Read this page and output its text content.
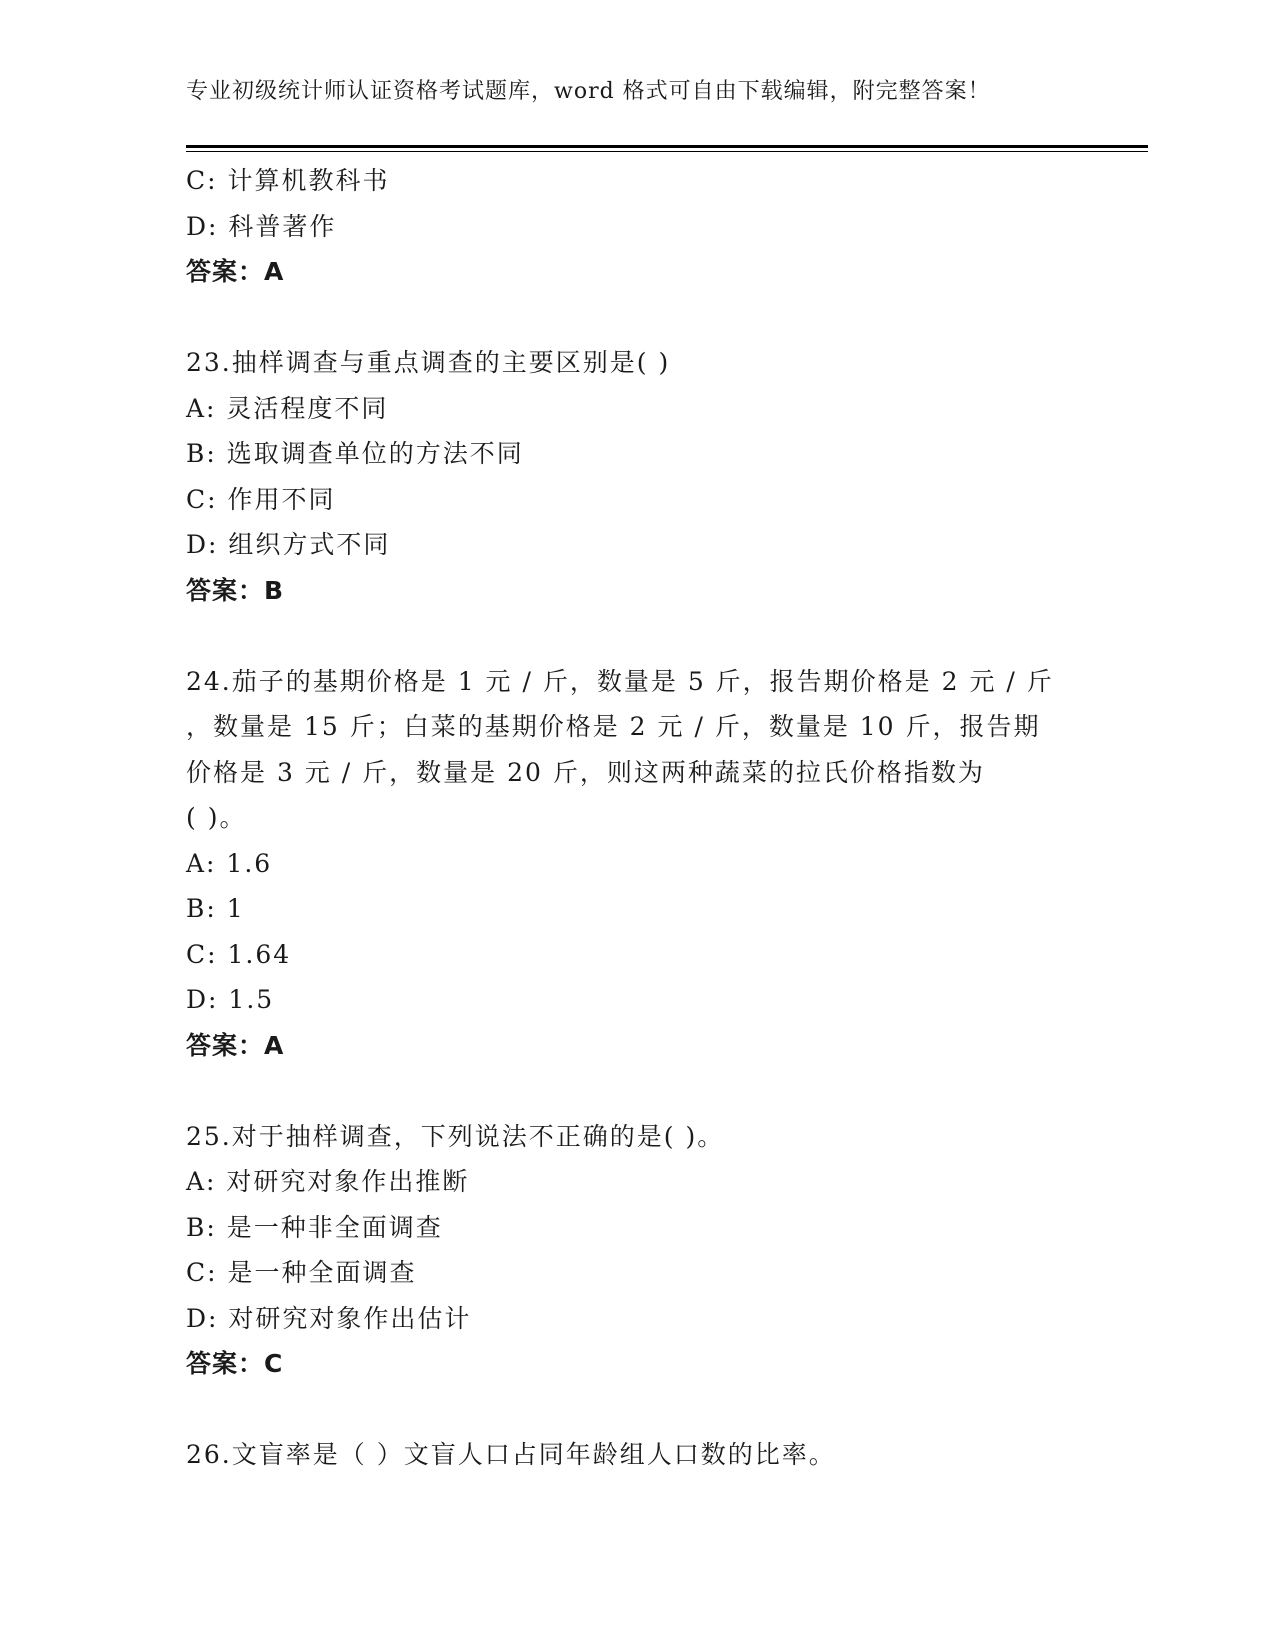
专业初级统计师认证资格考试题库，word 格式可自由下载编辑，附完整答案！
C: 计算机教科书
D: 科普著作
答案：A
23.抽样调查与重点调查的主要区别是( )
A: 灵活程度不同
B: 选取调查单位的方法不同
C: 作用不同
D: 组织方式不同
答案：B
24.茄子的基期价格是 1 元 / 斤，数量是 5 斤，报告期价格是 2 元 / 斤
，数量是 15 斤；白菜的基期价格是 2 元 / 斤，数量是 10 斤，报告期
价格是 3 元 / 斤，数量是 20 斤，则这两种蔬菜的拉氏价格指数为
( )。
A: 1.6
B: 1
C: 1.64
D: 1.5
答案：A
25.对于抽样调查，下列说法不正确的是( )。
A: 对研究对象作出推断
B: 是一种非全面调查
C: 是一种全面调查
D: 对研究对象作出估计
答案：C
26.文盲率是（ ）文盲人口占同年龄组人口数的比率。
